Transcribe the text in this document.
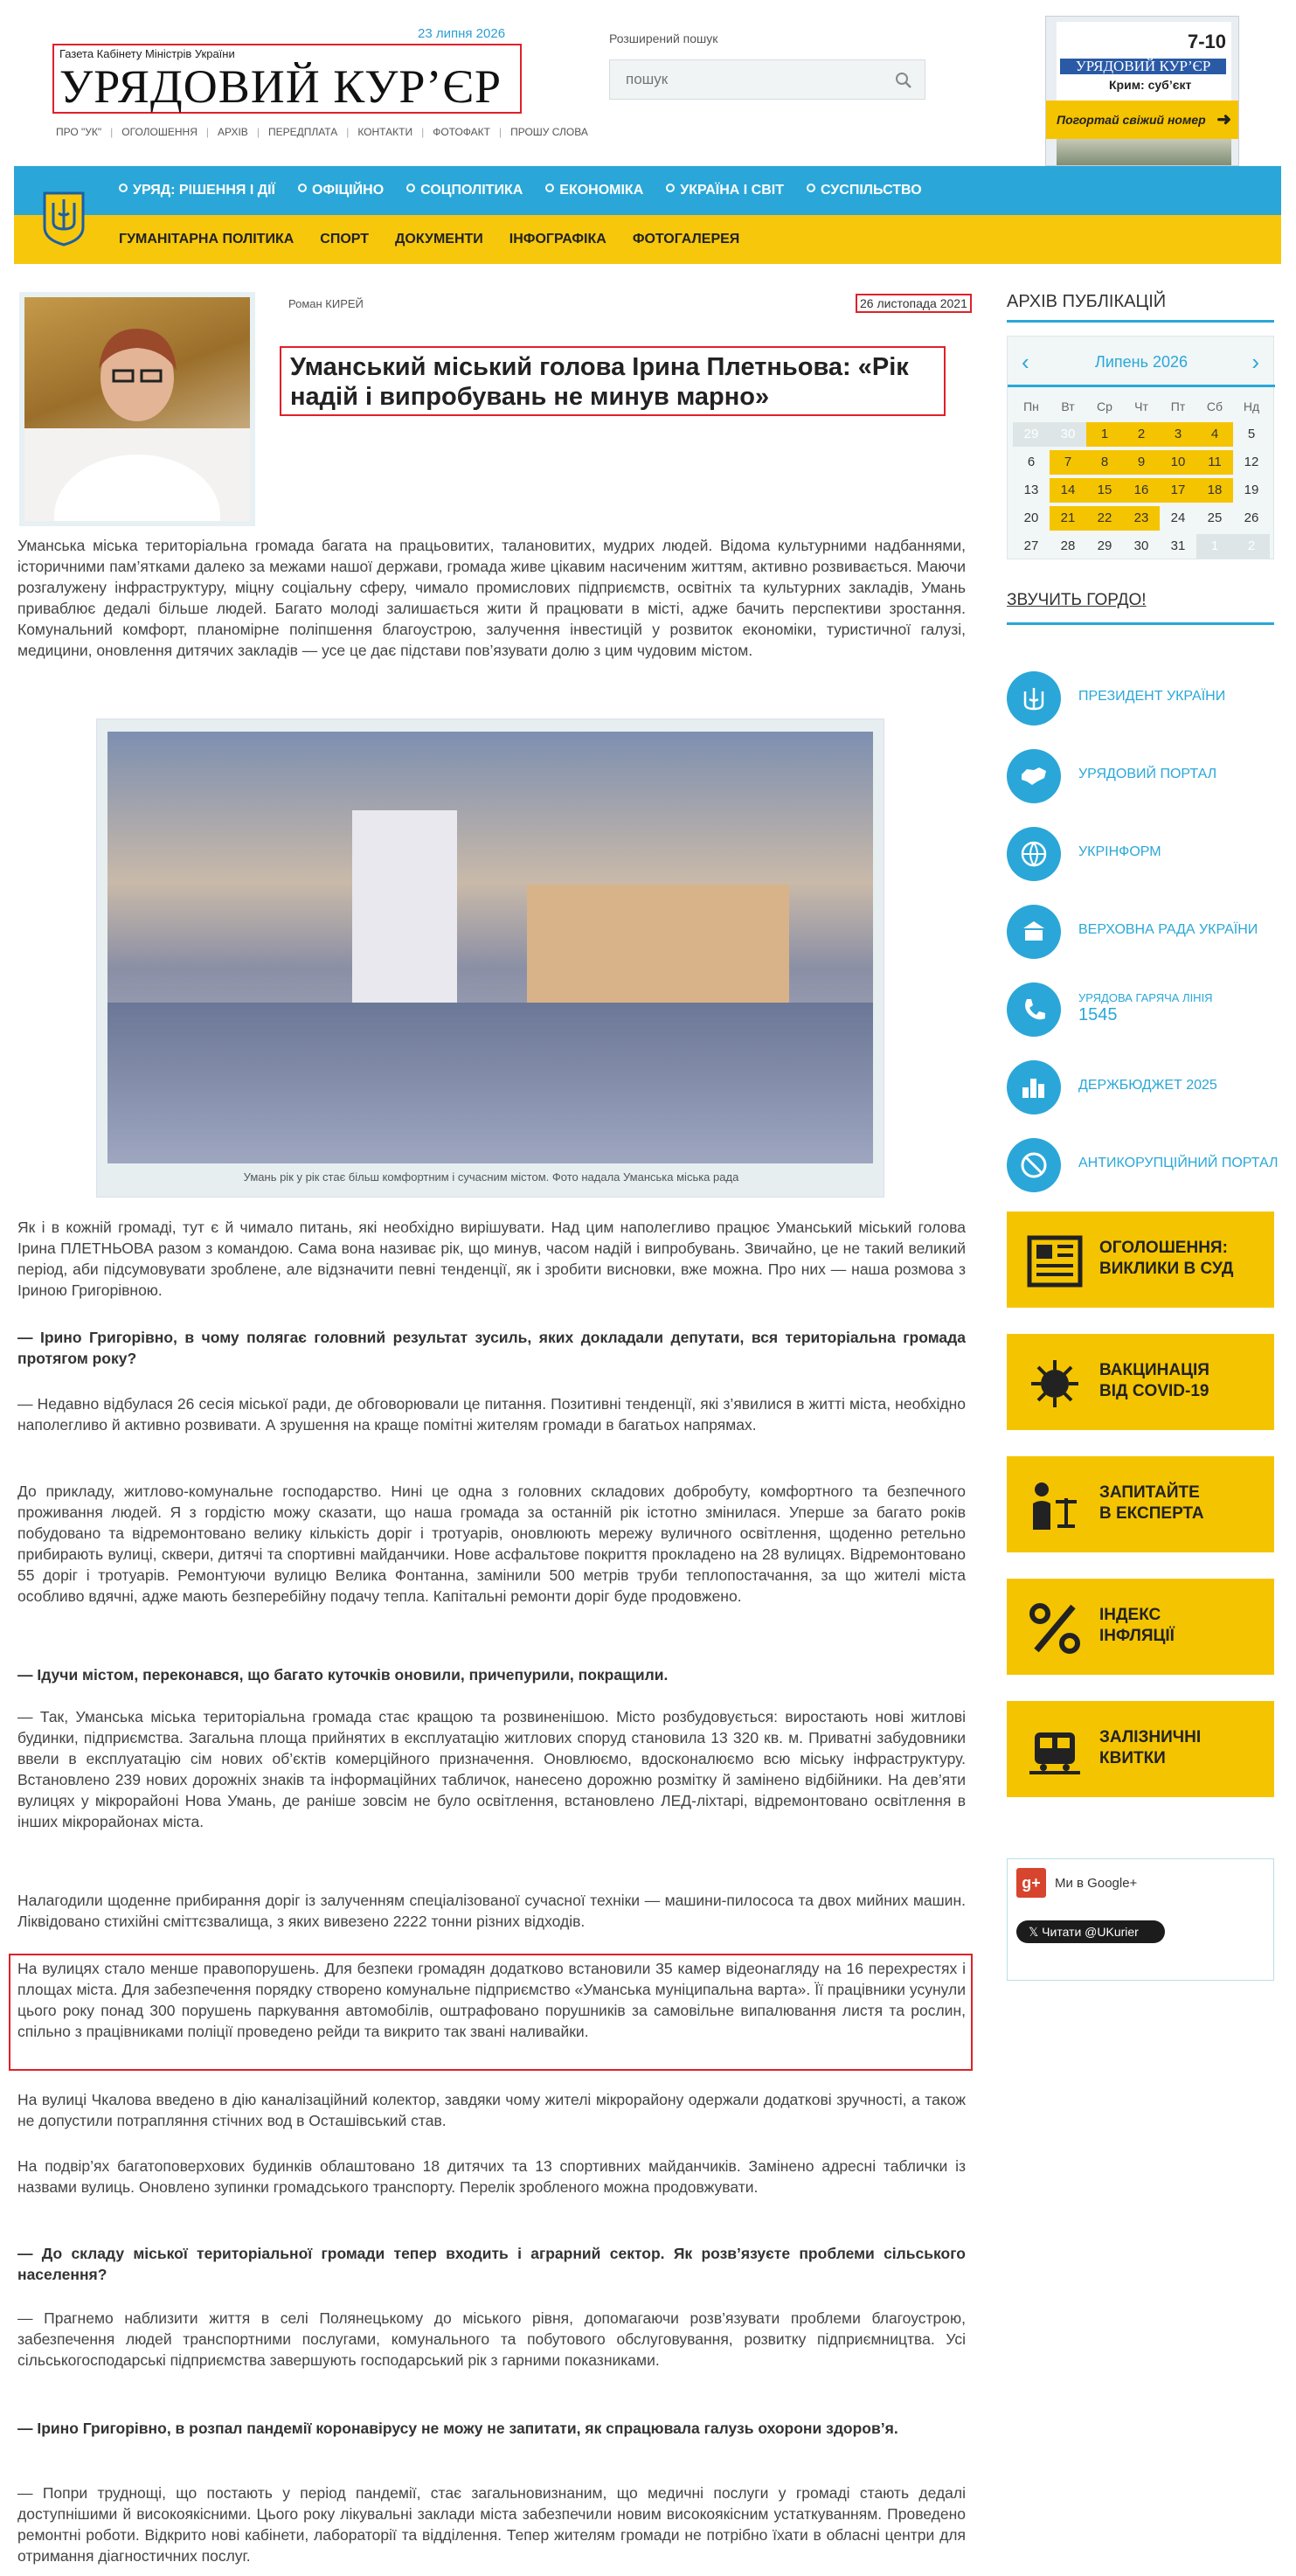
Газета Кабінету Міністрів України
УРЯДОВИЙ КУР’ЄР
23 липня 2026
ПРО "УК" | ОГОЛОШЕННЯ | АРХІВ | ПЕРЕДПЛАТА | КОНТАКТИ | ФОТОФАКТ | ПРОШУ СЛОВА
Розширений пошук
пошук	7-10
УРЯДОВИЙ КУР’ЄР
Крим: суб’єкт
Погортай свіжий номер ➜
УРЯД: РІШЕННЯ І ДІЇ	ОФІЦІЙНО	СОЦПОЛІТИКА	ЕКОНОМІКА	УКРАЇНА І СВІТ	СУСПІЛЬСТВО
ГУМАНІТАРНА ПОЛІТИКА СПОРТ ДОКУМЕНТИ ІНФОГРАФІКА ФОТОГАЛЕРЕЯ
Роман КИРЕЙ	26 листопада 2021
Уманський міський голова Ірина Плетньова: «Рік надій і випробувань не минув марно»
Уманська міська територіальна громада багата на працьовитих, талановитих, мудрих людей. Відома культурними надбаннями, історичними пам’ятками далеко за межами нашої держави, громада живе цікавим насиченим життям, активно розвивається. Маючи розгалужену інфраструктуру, міцну соціальну сферу, чимало промислових підприємств, освітніх та культурних закладів, Умань приваблює дедалі більше людей. Багато молоді залишається жити й працювати в місті, адже бачить перспективи зростання. Комунальний комфорт, планомірне поліпшення благоустрою, залучення інвестицій у розвиток економіки, туристичної галузі, медицини, оновлення дитячих закладів — усе це дає підстави пов’язувати долю з цим чудовим містом.
Умань рік у рік стає більш комфортним і сучасним містом. Фото надала Уманська міська рада
Як і в кожній громаді, тут є й чимало питань, які необхідно вирішувати. Над цим наполегливо працює Уманський міський голова Ірина ПЛЕТНЬОВА разом з командою. Сама вона називає рік, що минув, часом надій і випробувань. Звичайно, це не такий великий період, аби підсумовувати зроблене, але відзначити певні тенденції, як і зробити висновки, вже можна. Про них — наша розмова з Іриною Григорівною.
— Ірино Григорівно, в чому полягає головний результат зусиль, яких докладали депутати, вся територіальна громада протягом року?
— Недавно відбулася 26 сесія міської ради, де обговорювали це питання. Позитивні тенденції, які з’явилися в житті міста, необхідно наполегливо й активно розвивати. А зрушення на краще помітні жителям громади в багатьох напрямах.
До прикладу, житлово-комунальне господарство. Нині це одна з головних складових добробуту, комфортного та безпечного проживання людей. Я з гордістю можу сказати, що наша громада за останній рік істотно змінилася. Уперше за багато років побудовано та відремонтовано велику кількість доріг і тротуарів, оновлюють мережу вуличного освітлення, щоденно ретельно прибирають вулиці, сквери, дитячі та спортивні майданчики. Нове асфальтове покриття прокладено на 28 вулицях. Відремонтовано 55 доріг і тротуарів. Ремонтуючи вулицю Велика Фонтанна, замінили 500 метрів труби теплопостачання, за що жителі міста особливо вдячні, адже мають безперебійну подачу тепла. Капітальні ремонти доріг буде продовжено.
— Ідучи містом, переконався, що багато куточків оновили, причепурили, покращили.
— Так, Уманська міська територіальна громада стає кращою та розвиненішою. Місто розбудовується: виростають нові житлові будинки, підприємства. Загальна площа прийнятих в експлуатацію житлових споруд становила 13 320 кв. м. Приватні забудовники ввели в експлуатацію сім нових об’єктів комерційного призначення. Оновлюємо, вдосконалюємо всю міську інфраструктуру. Встановлено 239 нових дорожніх знаків та інформаційних табличок, нанесено дорожню розмітку й замінено відбійники. На дев’яти вулицях у мікрорайоні Нова Умань, де раніше зовсім не було освітлення, встановлено ЛЕД-ліхтарі, відремонтовано освітлення в інших мікрорайонах міста.
Налагодили щоденне прибирання доріг із залученням спеціалізованої сучасної техніки — машини-пилососа та двох мийних машин. Ліквідовано стихійні сміттєзвалища, з яких вивезено 2222 тонни різних відходів.
На вулицях стало менше правопорушень. Для безпеки громадян додатково встановили 35 камер відеонагляду на 16 перехрестях і площах міста. Для забезпечення порядку створено комунальне підприємство «Уманська муніципальна варта». Її працівники усунули цього року понад 300 порушень паркування автомобілів, оштрафовано порушників за самовільне випалювання листя та рослин, спільно з працівниками поліції проведено рейди та викрито так звані наливайки.
На вулиці Чкалова введено в дію каналізаційний колектор, завдяки чому жителі мікрорайону одержали додаткові зручності, а також не допустили потрапляння стічних вод в Осташівський став.
На подвір’ях багатоповерхових будинків облаштовано 18 дитячих та 13 спортивних майданчиків. Замінено адресні таблички із назвами вулиць. Оновлено зупинки громадського транспорту. Перелік зробленого можна продовжувати.
— До складу міської територіальної громади тепер входить і аграрний сектор. Як розв’язуєте проблеми сільського населення?
— Прагнемо наблизити життя в селі Полянецькому до міського рівня, допомагаючи розв’язувати проблеми благоустрою, забезпечення людей транспортними послугами, комунального та побутового обслуговування, розвитку підприємництва. Усі сільськогосподарські підприємства завершують господарський рік з гарними показниками.
— Ірино Григорівно, в розпал пандемії коронавірусу не можу не запитати, як спрацювала галузь охорони здоров’я.
— Попри труднощі, що постають у період пандемії, стає загальновизнаним, що медичні послуги у громаді стають дедалі доступнішими й високоякісними. Цього року лікувальні заклади міста забезпечили новим високоякісним устаткуванням. Проведено ремонтні роботи. Відкрито нові кабінети, лабораторії та відділення. Тепер жителям громади не потрібно їхати в обласні центри для отримання діагностичних послуг.
АРХІВ ПУБЛІКАЦІЙ
Липень 2026
‹	›
Пн	Вт	Ср	Чт	Пт	Сб	Нд
29	30	1	2	3	4	5
6	7	8	9	10	11	12
13	14	15	16	17	18	19
20	21	22	23	24	25	26
27	28	29	30	31	1	2
ЗВУЧИТЬ ГОРДО!
ПРЕЗИДЕНТ УКРАЇНИ
УРЯДОВИЙ ПОРТАЛ
УКРІНФОРМ
ВЕРХОВНА РАДА УКРАЇНИ
УРЯДОВА ГАРЯЧА ЛІНІЯ
1545
ДЕРЖБЮДЖЕТ 2025
АНТИКОРУПЦІЙНИЙ ПОРТАЛ
ОГОЛОШЕННЯ:
ВИКЛИКИ В СУД
ВАКЦИНАЦІЯ
ВІД COVID-19
ЗАПИТАЙТЕ
В ЕКСПЕРТА
ІНДЕКС
ІНФЛЯЦІЇ
ЗАЛІЗНИЧНІ
КВИТКИ
g+	Ми в Google+
𝕏 Читати @UKurier
